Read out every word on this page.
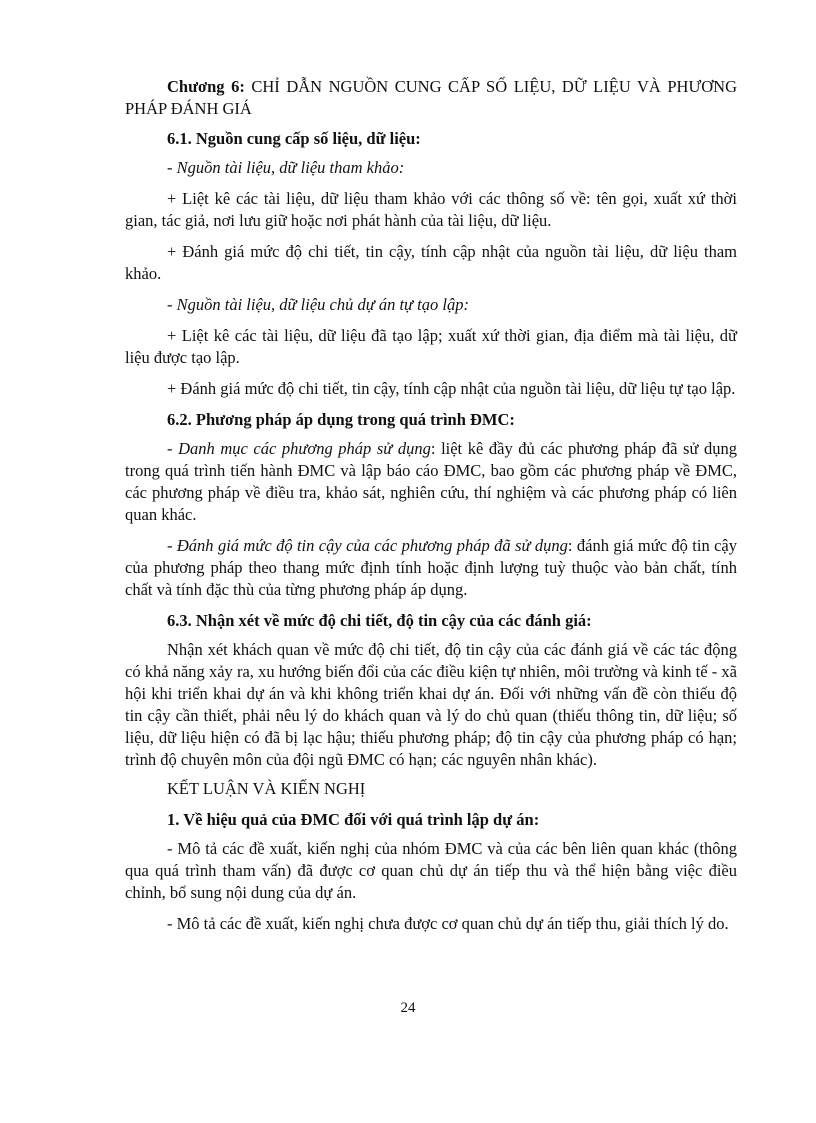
Chương 6: CHỈ DẪN NGUỒN CUNG CẤP SỐ LIỆU, DỮ LIỆU VÀ PHƯƠNG PHÁP ĐÁNH GIÁ

6.1. Nguồn cung cấp số liệu, dữ liệu:

- Nguồn tài liệu, dữ liệu tham khảo:

+ Liệt kê các tài liệu, dữ liệu tham khảo với các thông số về: tên gọi, xuất xứ thời gian, tác giả, nơi lưu giữ hoặc nơi phát hành của tài liệu, dữ liệu.

+ Đánh giá mức độ chi tiết, tin cậy, tính cập nhật của nguồn tài liệu, dữ liệu tham khảo.

- Nguồn tài liệu, dữ liệu chủ dự án tự tạo lập:

+ Liệt kê các tài liệu, dữ liệu đã tạo lập; xuất xứ thời gian, địa điểm mà tài liệu, dữ liệu được tạo lập.

+ Đánh giá mức độ chi tiết, tin cậy, tính cập nhật của nguồn tài liệu, dữ liệu tự tạo lập.

6.2. Phương pháp áp dụng trong quá trình ĐMC:

- Danh mục các phương pháp sử dụng: liệt kê đầy đủ các phương pháp đã sử dụng trong quá trình tiến hành ĐMC và lập báo cáo ĐMC, bao gồm các phương pháp về ĐMC, các phương pháp về điều tra, khảo sát, nghiên cứu, thí nghiệm và các phương pháp có liên quan khác.

- Đánh giá mức độ tin cậy của các phương pháp đã sử dụng: đánh giá mức độ tin cậy của phương pháp theo thang mức định tính hoặc định lượng tuỳ thuộc vào bản chất, tính chất và tính đặc thù của từng phương pháp áp dụng.

6.3. Nhận xét về mức độ chi tiết, độ tin cậy của các đánh giá:

Nhận xét khách quan về mức độ chi tiết, độ tin cậy của các đánh giá về các tác động có khả năng xảy ra, xu hướng biến đổi của các điều kiện tự nhiên, môi trường và kinh tế - xã hội khi triển khai dự án và khi không triển khai dự án. Đối với những vấn đề còn thiếu độ tin cậy cần thiết, phải nêu lý do khách quan và lý do chủ quan (thiếu thông tin, dữ liệu; số liệu, dữ liệu hiện có đã bị lạc hậu; thiếu phương pháp; độ tin cậy của phương pháp có hạn; trình độ chuyên môn của đội ngũ ĐMC có hạn; các nguyên nhân khác).

KẾT LUẬN VÀ KIẾN NGHỊ

1. Về hiệu quả của ĐMC đối với quá trình lập dự án:

- Mô tả các đề xuất, kiến nghị của nhóm ĐMC và của các bên liên quan khác (thông qua quá trình tham vấn) đã được cơ quan chủ dự án tiếp thu và thể hiện bằng việc điều chỉnh, bổ sung nội dung của dự án.

- Mô tả các đề xuất, kiến nghị chưa được cơ quan chủ dự án tiếp thu, giải thích lý do.

24
